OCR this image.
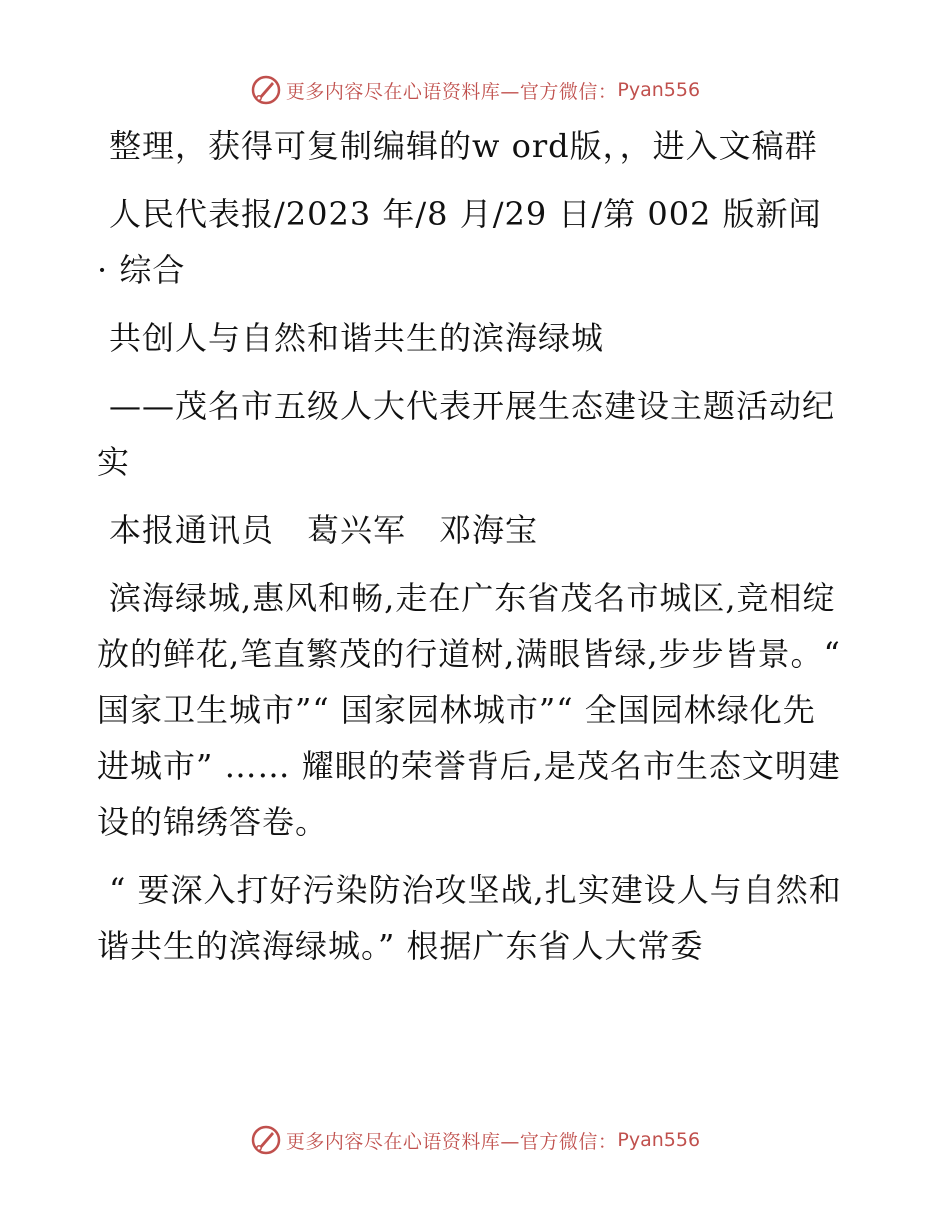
更多内容尽在心语资料库—官方微信： Pyan556

整理，获得可复制编辑的w ord版，，进入文稿群

人民代表报/2023 年/8 月/29 日/第 002 版新闻 · 综合

共创人与自然和谐共生的滨海绿城

——茂名市五级人大代表开展生态建设主题活动纪实

本报通讯员　葛兴军　邓海宝

滨海绿城,惠风和畅,走在广东省茂名市城区,竞相绽放的鲜花,笔直繁茂的行道树,满眼皆绿,步步皆景。“ 国家卫生城市”“ 国家园林城市”“ 全国园林绿化先进城市” …… 耀眼的荣誉背后,是茂名市生态文明建设的锦绣答卷。

“ 要深入打好污染防治攻坚战,扎实建设人与自然和谐共生的滨海绿城。” 根据广东省人大常委

更多内容尽在心语资料库—官方微信： Pyan556
